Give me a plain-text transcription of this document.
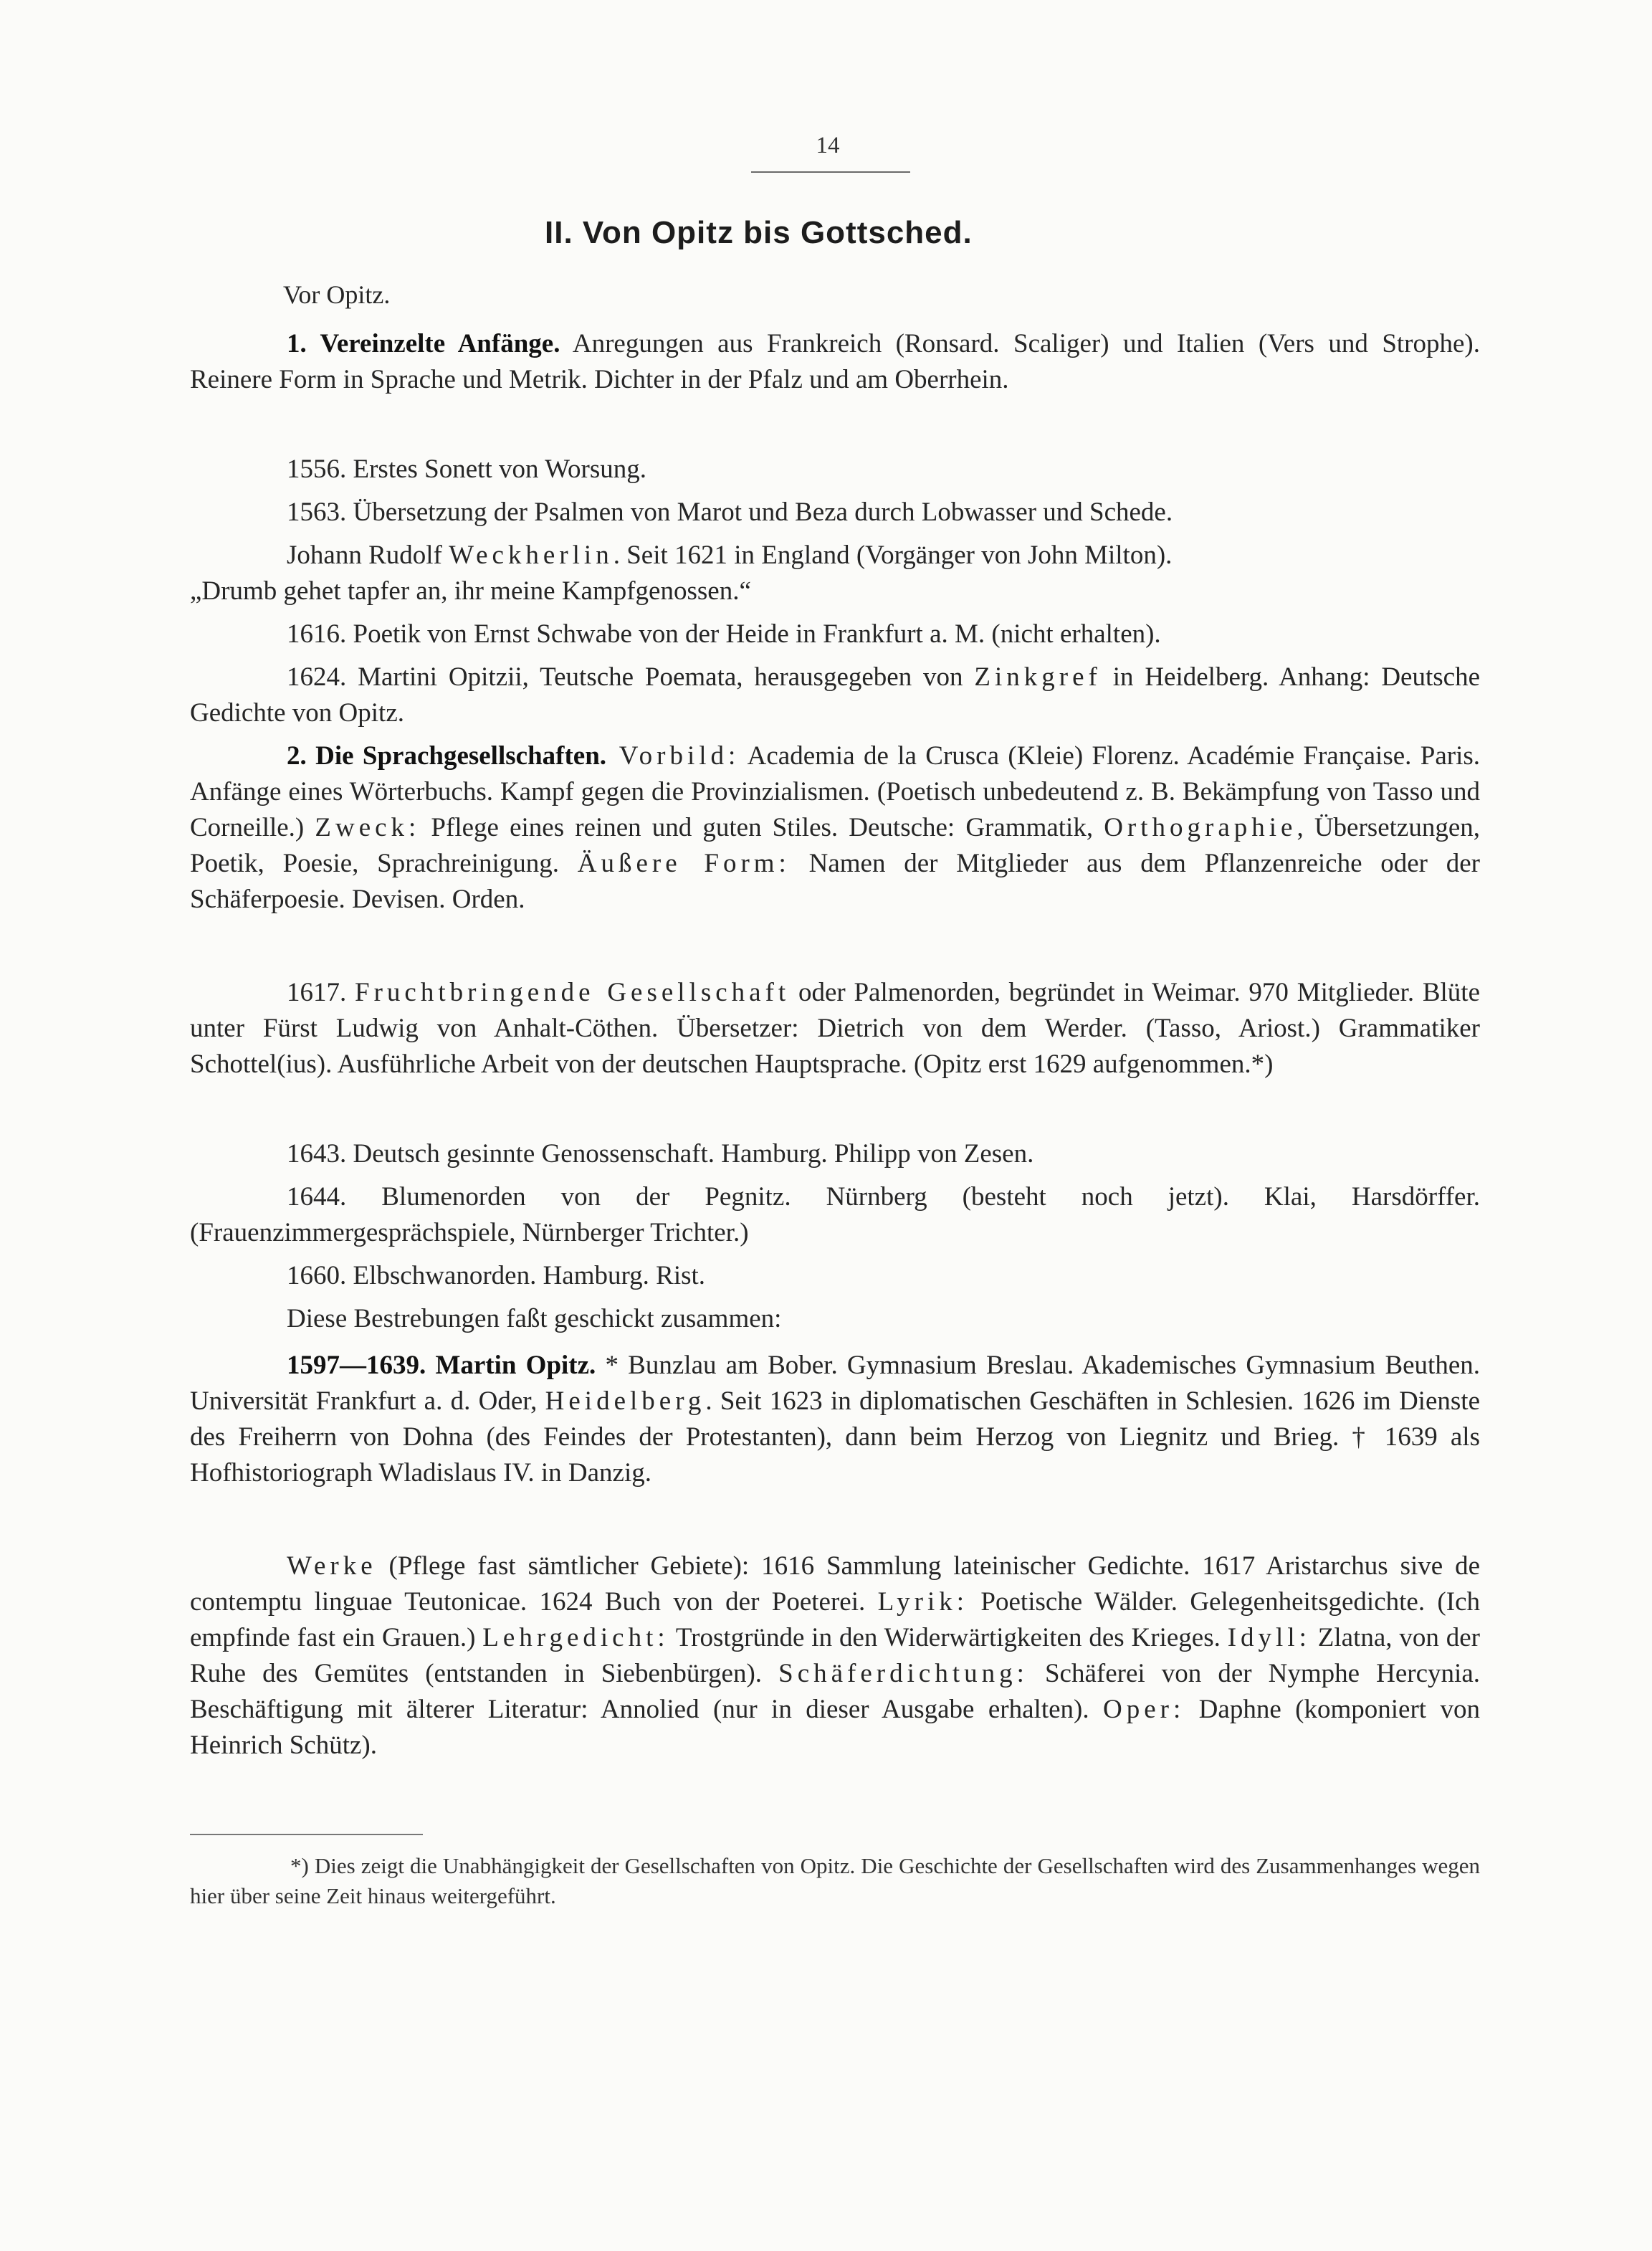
14
II. Von Opitz bis Gottsched.
Vor Opitz.

1. Vereinzelte Anfänge. Anregungen aus Frankreich (Ronsard. Scaliger) und Italien (Vers und Strophe). Reinere Form in Sprache und Metrik. Dichter in der Pfalz und am Oberrhein.

1556. Erstes Sonett von Worsung.

1563. Übersetzung der Psalmen von Marot und Beza durch Lobwasser und Schede.

Johann Rudolf Weckherlin. Seit 1621 in England (Vorgänger von John Milton).

„Drumb gehet tapfer an, ihr meine Kampfgenossen.“

1616. Poetik von Ernst Schwabe von der Heide in Frankfurt a. M. (nicht erhalten).

1624. Martini Opitzii, Teutsche Poemata, herausgegeben von Zinkgref in Heidelberg. Anhang: Deutsche Gedichte von Opitz.

2. Die Sprachgesellschaften. Vorbild: Academia de la Crusca (Kleie) Florenz. Académie Française. Paris. Anfänge eines Wörterbuchs. Kampf gegen die Provinzialismen. (Poetisch unbedeutend z. B. Bekämpfung von Tasso und Corneille.) Zweck: Pflege eines reinen und guten Stiles. Deutsche: Grammatik, Orthographie, Übersetzungen, Poetik, Poesie, Sprachreinigung. Äußere Form: Namen der Mitglieder aus dem Pflanzenreiche oder der Schäferpoesie. Devisen. Orden.

1617. Fruchtbringende Gesellschaft oder Palmenorden, begründet in Weimar. 970 Mitglieder. Blüte unter Fürst Ludwig von Anhalt-Cöthen. Übersetzer: Dietrich von dem Werder. (Tasso, Ariost.) Grammatiker Schottel(ius). Ausführliche Arbeit von der deutschen Hauptsprache. (Opitz erst 1629 aufgenommen.*)

1643. Deutsch gesinnte Genossenschaft. Hamburg. Philipp von Zesen.

1644. Blumenorden von der Pegnitz. Nürnberg (besteht noch jetzt). Klai, Harsdörffer. (Frauenzimmergesprächspiele, Nürnberger Trichter.)

1660. Elbschwanorden. Hamburg. Rist.

Diese Bestrebungen faßt geschickt zusammen:

1597—1639. Martin Opitz. * Bunzlau am Bober. Gymnasium Breslau. Akademisches Gymnasium Beuthen. Universität Frankfurt a. d. Oder, Heidelberg. Seit 1623 in diplomatischen Geschäften in Schlesien. 1626 im Dienste des Freiherrn von Dohna (des Feindes der Protestanten), dann beim Herzog von Liegnitz und Brieg. † 1639 als Hofhistoriograph Wladislaus IV. in Danzig.

Werke (Pflege fast sämtlicher Gebiete): 1616 Sammlung lateinischer Gedichte. 1617 Aristarchus sive de contemptu linguae Teutonicae. 1624 Buch von der Poeterei. Lyrik: Poetische Wälder. Gelegenheitsgedichte. (Ich empfinde fast ein Grauen.) Lehrgedicht: Trostgründe in den Widerwärtigkeiten des Krieges. Idyll: Zlatna, von der Ruhe des Gemütes (entstanden in Siebenbürgen). Schäferdichtung: Schäferei von der Nymphe Hercynia. Beschäftigung mit älterer Literatur: Annolied (nur in dieser Ausgabe erhalten). Oper: Daphne (komponiert von Heinrich Schütz).

*) Dies zeigt die Unabhängigkeit der Gesellschaften von Opitz. Die Geschichte der Gesellschaften wird des Zusammenhanges wegen hier über seine Zeit hinaus weitergeführt.
